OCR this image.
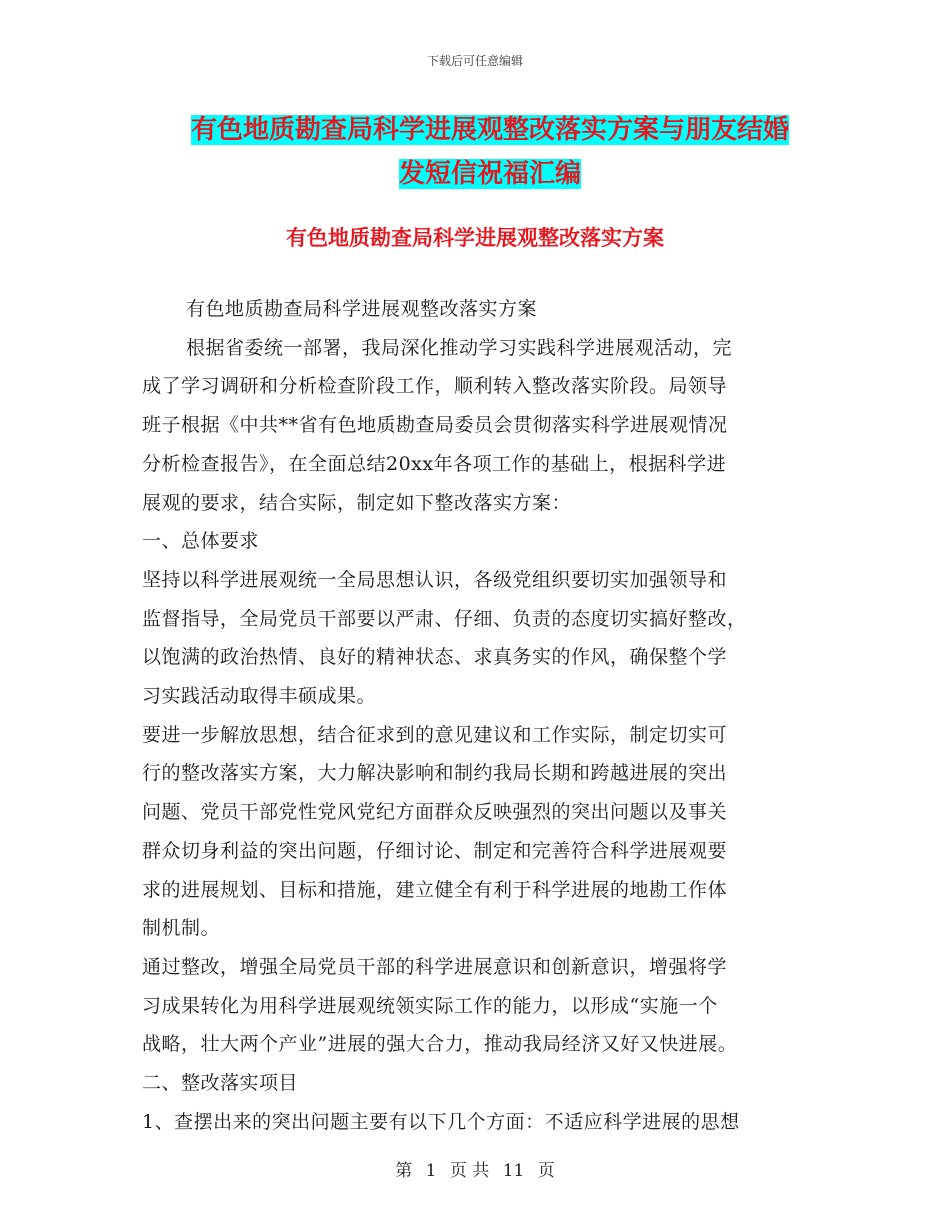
下载后可任意编辑
有色地质勘查局科学进展观整改落实方案与朋友结婚
发短信祝福汇编
有色地质勘查局科学进展观整改落实方案

有色地质勘查局科学进展观整改落实方案

根据省委统一部署，我局深化推动学习实践科学进展观活动，完

成了学习调研和分析检查阶段工作，顺利转入整改落实阶段。局领导

班子根据《中共**省有色地质勘查局委员会贯彻落实科学进展观情况

分析检查报告》，在全面总结20xx年各项工作的基础上，根据科学进

展观的要求，结合实际，制定如下整改落实方案：

一、总体要求

坚持以科学进展观统一全局思想认识，各级党组织要切实加强领导和

监督指导，全局党员干部要以严肃、仔细、负责的态度切实搞好整改，

以饱满的政治热情、良好的精神状态、求真务实的作风，确保整个学

习实践活动取得丰硕成果。

要进一步解放思想，结合征求到的意见建议和工作实际，制定切实可

行的整改落实方案，大力解决影响和制约我局长期和跨越进展的突出

问题、党员干部党性党风党纪方面群众反映强烈的突出问题以及事关

群众切身利益的突出问题，仔细讨论、制定和完善符合科学进展观要

求的进展规划、目标和措施，建立健全有利于科学进展的地勘工作体

制机制。

通过整改，增强全局党员干部的科学进展意识和创新意识，增强将学

习成果转化为用科学进展观统领实际工作的能力，以形成“实施一个

战略，壮大两个产业”进展的强大合力，推动我局经济又好又快进展。

二、整改落实项目

1、查摆出来的突出问题主要有以下几个方面：不适应科学进展的思想

第 1 页 共 11 页
